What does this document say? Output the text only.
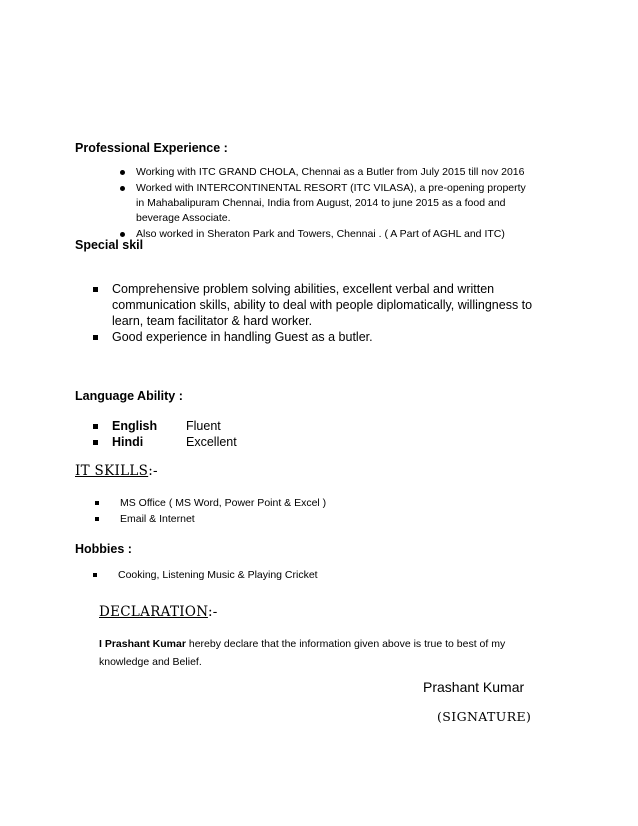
Professional Experience :
Working with ITC GRAND CHOLA, Chennai as a Butler from July 2015 till nov 2016
Worked with INTERCONTINENTAL RESORT (ITC VILASA), a pre-opening property in Mahabalipuram Chennai, India from August, 2014 to june 2015 as a food and beverage Associate.
Also worked in Sheraton Park and Towers, Chennai . ( A Part of AGHL and ITC)
Special skil
Comprehensive problem solving abilities, excellent verbal and written communication skills, ability to deal with people diplomatically, willingness to learn, team facilitator & hard worker.
Good experience in handling Guest as a butler.
Language Ability :
English Fluent
Hindi	Excellent
IT SKILLS:-
MS Office ( MS Word, Power Point & Excel )
Email & Internet
Hobbies :
Cooking, Listening Music & Playing Cricket
DECLARATION:-
I Prashant Kumar hereby declare that the information given above is true to best of my knowledge and Belief.
Prashant Kumar
(SIGNATURE)
